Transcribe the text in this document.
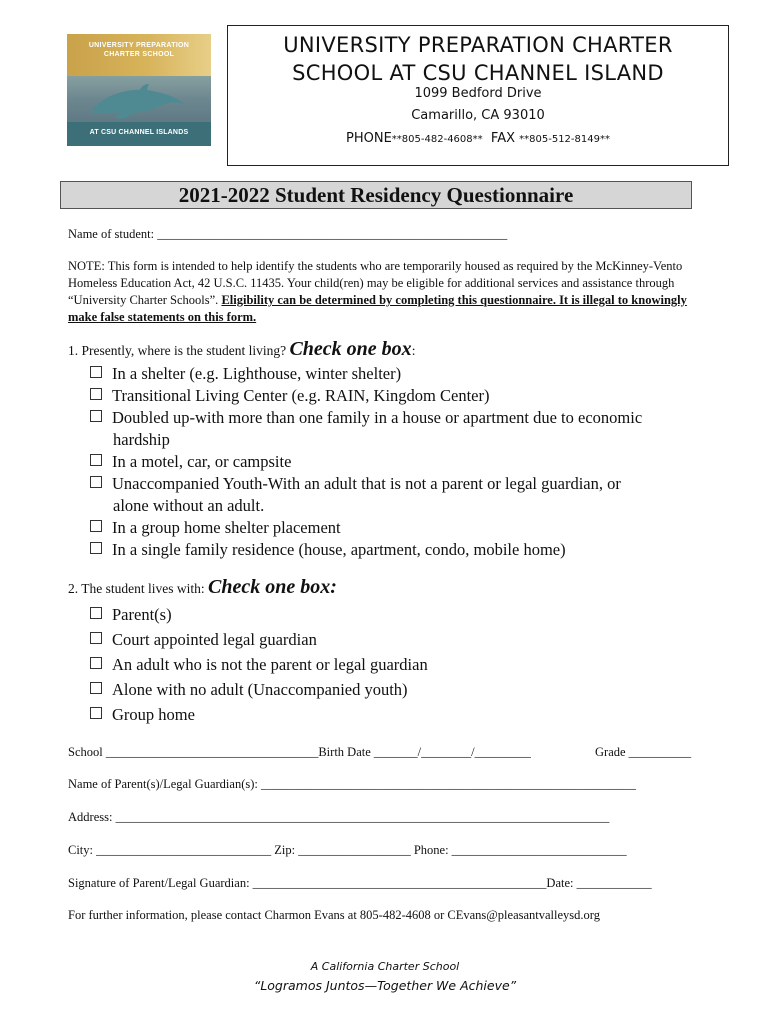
UNIVERSITY PREPARATION
CHARTER SCHOOL
AT CSU CHANNEL ISLANDS
UNIVERSITY PREPARATION CHARTER
SCHOOL AT CSU CHANNEL ISLAND
1099 Bedford Drive
Camarillo, CA 93010
PHONE**805-482-4608** FAX **805-512-8149**
2021-2022 Student Residency Questionnaire
Name of student: ________________________________________________________
NOTE: This form is intended to help identify the students who are temporarily housed as required by the McKinney-Vento Homeless Education Act, 42 U.S.C. 11435. Your child(ren) may be eligible for additional services and assistance through “University Charter Schools”. Eligibility can be determined by completing this questionnaire. It is illegal to knowingly make false statements on this form.
1. Presently, where is the student living? Check one box:
In a shelter (e.g. Lighthouse, winter shelter)
Transitional Living Center (e.g. RAIN, Kingdom Center)
Doubled up-with more than one family in a house or apartment due to economic
hardship
In a motel, car, or campsite
Unaccompanied Youth-With an adult that is not a parent or legal guardian, or
alone without an adult.
In a group home shelter placement
In a single family residence (house, apartment, condo, mobile home)
2. The student lives with: Check one box:
Parent(s)
Court appointed legal guardian
An adult who is not the parent or legal guardian
Alone with no adult (Unaccompanied youth)
Group home
School __________________________________Birth Date _______/________/_________	Grade __________
Name of Parent(s)/Legal Guardian(s): ____________________________________________________________
Address: _______________________________________________________________________________
City: ____________________________ Zip: __________________ Phone: ____________________________
Signature of Parent/Legal Guardian: _______________________________________________Date: ____________
For further information, please contact Charmon Evans at 805-482-4608 or CEvans@pleasantvalleysd.org
A California Charter School
“Logramos Juntos—Together We Achieve”
